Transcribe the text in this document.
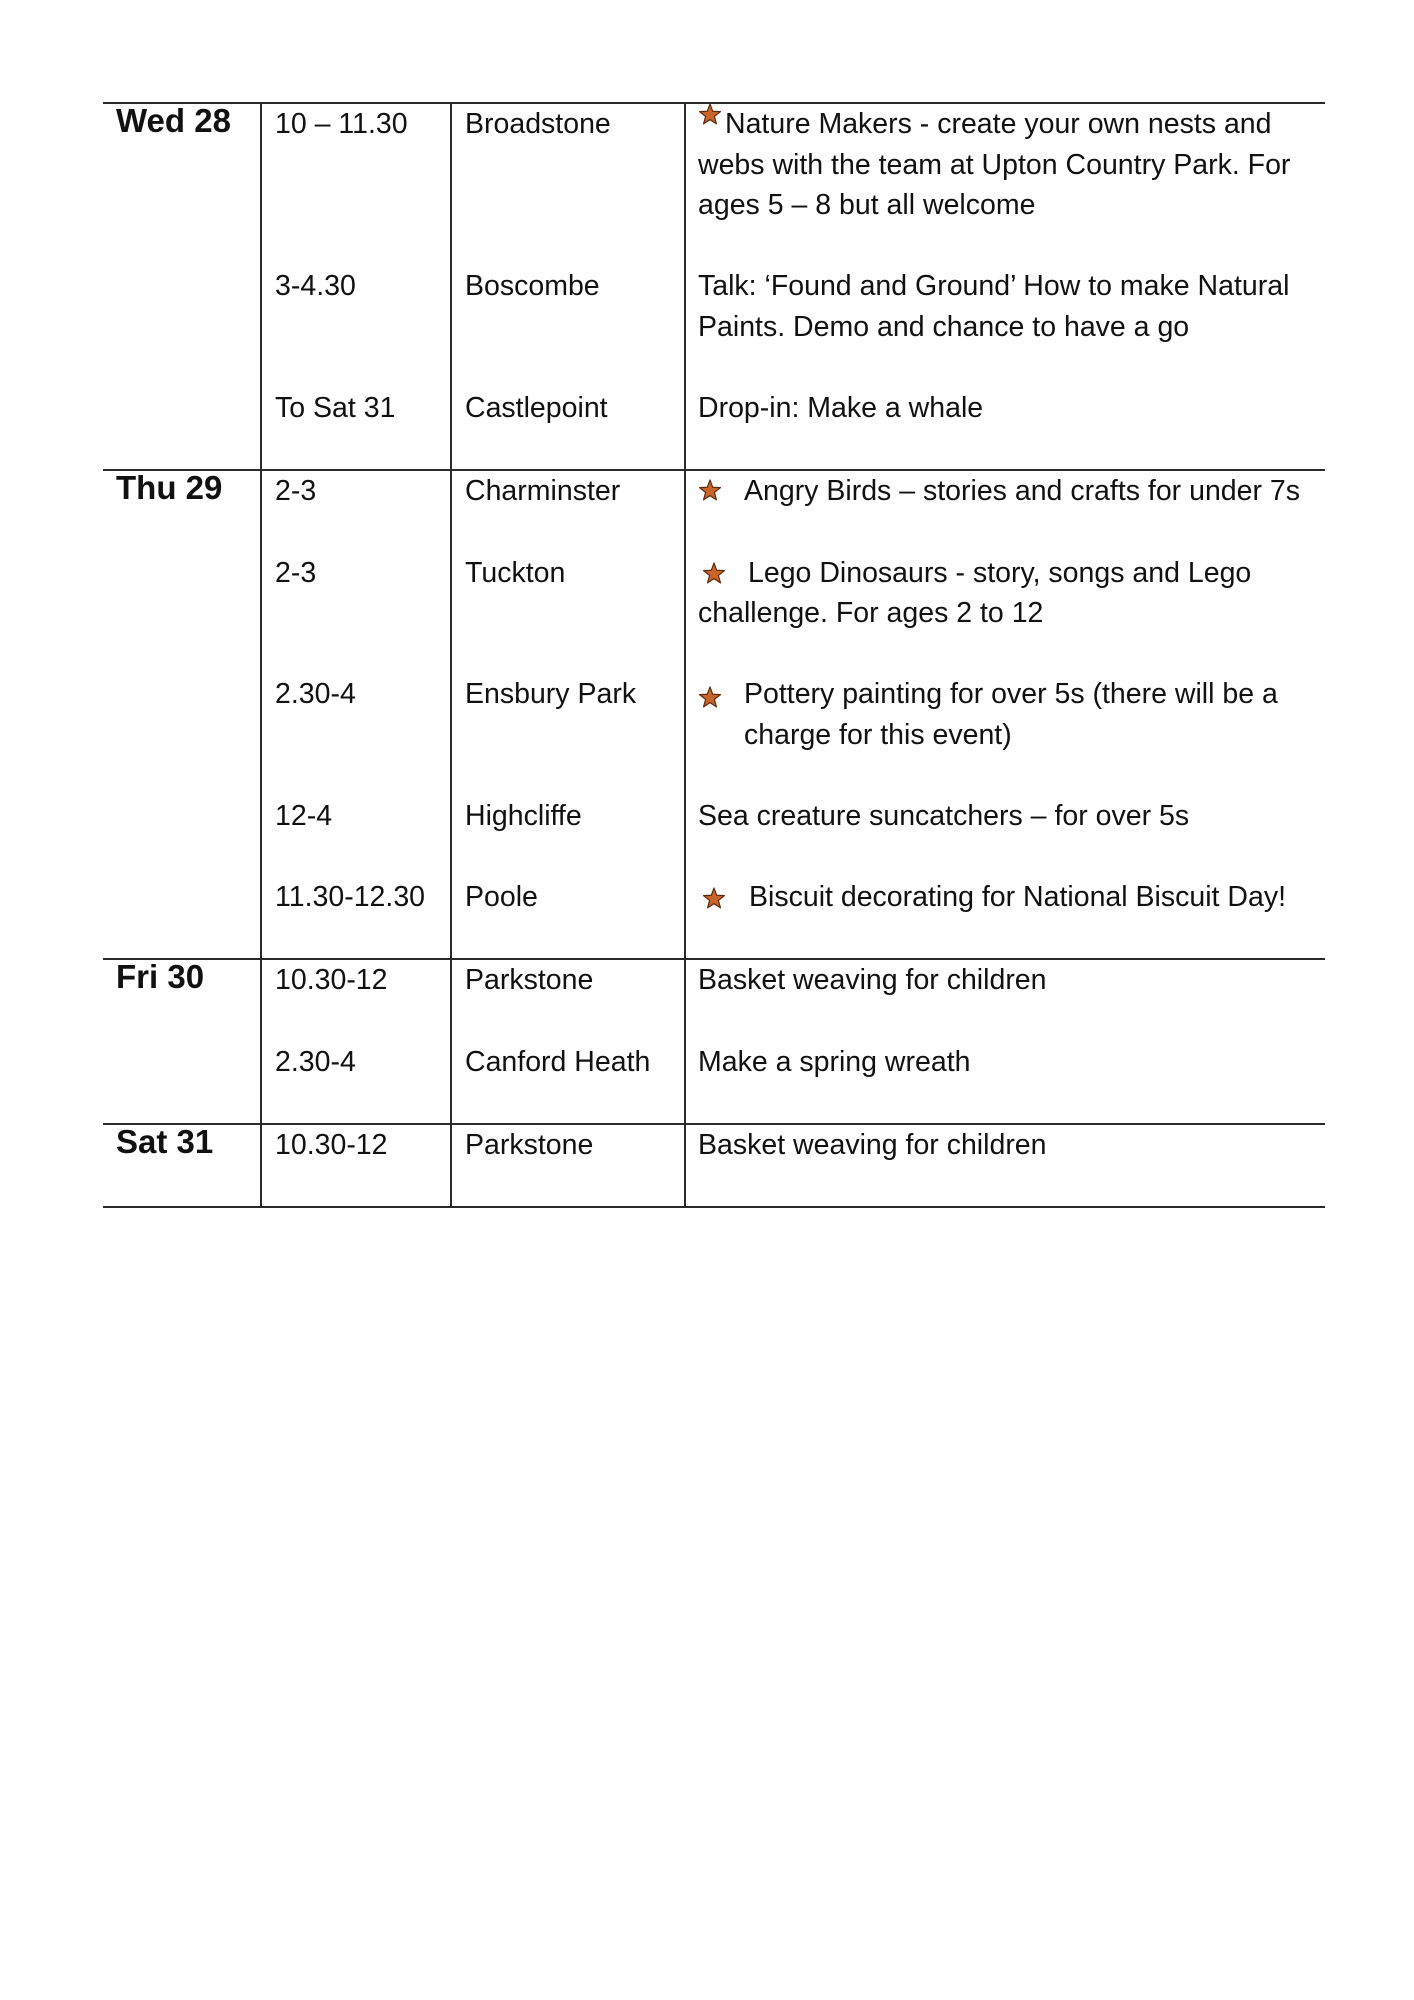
Wed 28	10 – 11.30	Broadstone	Nature Makers - create your own nests and
webs with the team at Upton Country Park. For
ages 5 – 8 but all welcome
3-4.30	Boscombe	Talk: ‘Found and Ground’ How to make Natural
Paints. Demo and chance to have a go
To Sat 31	Castlepoint	Drop-in: Make a whale
Thu 29	2-3	Charminster	Angry Birds – stories and crafts for under 7s
2-3	Tuckton	Lego Dinosaurs - story, songs and Lego
challenge. For ages 2 to 12
2.30-4	Ensbury Park	Pottery painting for over 5s (there will be a
charge for this event)
12-4	Highcliffe	Sea creature suncatchers – for over 5s
11.30-12.30	Poole	Biscuit decorating for National Biscuit Day!
Fri 30	10.30-12	Parkstone	Basket weaving for children
2.30-4	Canford Heath	Make a spring wreath
Sat 31	10.30-12	Parkstone	Basket weaving for children
